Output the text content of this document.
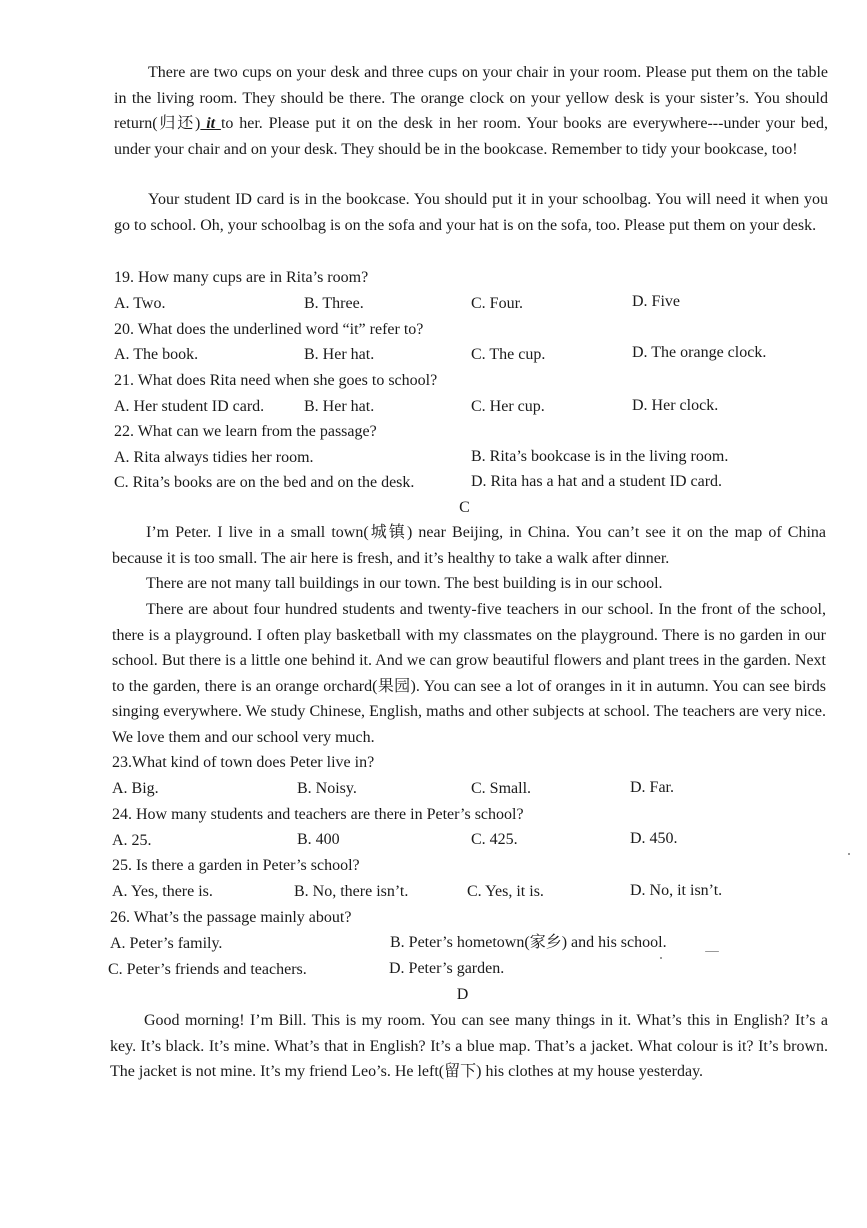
There are two cups on your desk and three cups on your chair in your room. Please put them on the table in the living room. They should be there. The orange clock on your yellow desk is your sister’s. You should return(归还) it to her. Please put it on the desk in her room. Your books are everywhere---under your bed, under your chair and on your desk. They should be in the bookcase. Remember to tidy your bookcase, too!
Your student ID card is in the bookcase. You should put it in your schoolbag. You will need it when you go to school. Oh, your schoolbag is on the sofa and your hat is on the sofa, too. Please put them on your desk.
19. How many cups are in Rita’s room?
A. Two.	B. Three.	C. Four.	D. Five
20. What does the underlined word “it” refer to?
A. The book.	B. Her hat.	C. The cup.	D. The orange clock.
21. What does Rita need when she goes to school?
A. Her student ID card. B. Her hat.	C. Her cup.	D. Her clock.
22. What can we learn from the passage?
A. Rita always tidies her room.	B. Rita’s bookcase is in the living room.
C. Rita’s books are on the bed and on the desk.	D. Rita has a hat and a student ID card.
C
I’m Peter. I live in a small town(城镇) near Beijing, in China. You can’t see it on the map of China because it is too small. The air here is fresh, and it’s healthy to take a walk after dinner.
There are not many tall buildings in our town. The best building is in our school.
There are about four hundred students and twenty-five teachers in our school. In the front of the school, there is a playground. I often play basketball with my classmates on the playground. There is no garden in our school. But there is a little one behind it. And we can grow beautiful flowers and plant trees in the garden. Next to the garden, there is an orange orchard(果园). You can see a lot of oranges in it in autumn. You can see birds singing everywhere. We study Chinese, English, maths and other subjects at school. The teachers are very nice. We love them and our school very much.
23.What kind of town does Peter live in?
A. Big.	B. Noisy.	C. Small.	D. Far.
24. How many students and teachers are there in Peter’s school?
A. 25.	B. 400	C. 425.	D. 450.
25. Is there a garden in Peter’s school?
A. Yes, there is.	B. No, there isn’t.	C. Yes, it is.	D. No, it isn’t.
26. What’s the passage mainly about?
A. Peter’s family.	B. Peter’s hometown(家乡) and his school.
C. Peter’s friends and teachers.	D. Peter’s garden.
D
Good morning! I’m Bill. This is my room. You can see many things in it. What’s this in English? It’s a key. It’s black. It’s mine. What’s that in English? It’s a blue map. That’s a jacket. What colour is it? It’s brown. The jacket is not mine. It’s my friend Leo’s. He left(留下) his clothes at my house yesterday.
